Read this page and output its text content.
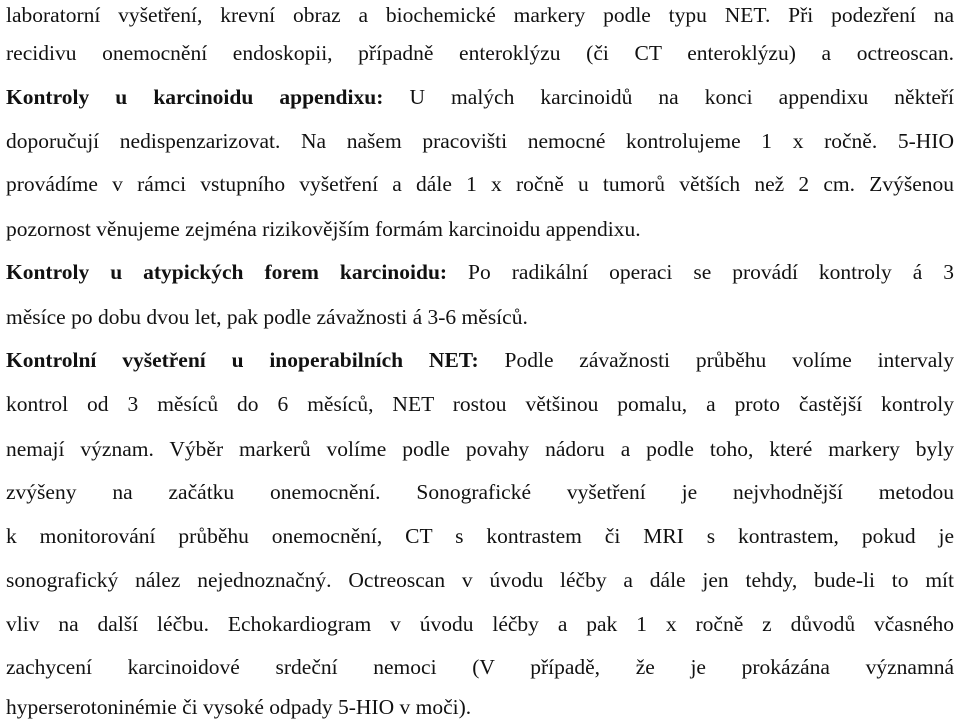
laboratorní vyšetření, krevní obraz a biochemické markery podle typu NET. Při podezření na
recidivu onemocnění endoskopii, případně enteroklýzu (či CT enteroklýzu) a octreoscan.
Kontroly u karcinoidu appendixu: U malých karcinoidů na konci appendixu někteří
doporučují nedispenzarizovat. Na našem pracovišti nemocné kontrolujeme 1 x ročně. 5-HIO
provádíme v rámci vstupního vyšetření a dále 1 x ročně u tumorů větších než 2 cm. Zvýšenou
pozornost věnujeme zejména rizikovějším formám karcinoidu appendixu.
Kontroly u atypických forem karcinoidu: Po radikální operaci se provádí kontroly á 3
měsíce po dobu dvou let, pak podle závažnosti á 3-6 měsíců.
Kontrolní vyšetření u inoperabilních NET: Podle závažnosti průběhu volíme intervaly
kontrol od 3 měsíců do 6 měsíců, NET rostou většinou pomalu, a proto častější kontroly
nemají význam. Výběr markerů volíme podle povahy nádoru a podle toho, které markery byly
zvýšeny na začátku onemocnění. Sonografické vyšetření je nejvhodnější metodou
k monitorování průběhu onemocnění, CT s kontrastem či MRI s kontrastem, pokud je
sonografický nález nejednoznačný. Octreoscan v úvodu léčby a dále jen tehdy, bude-li to mít
vliv na další léčbu. Echokardiogram v úvodu léčby a pak 1 x ročně z důvodů včasného
zachycení karcinoidové srdeční nemoci (V případě, že je prokázána významná
hyperserotoninémie či vysoké odpady 5-HIO v moči).
